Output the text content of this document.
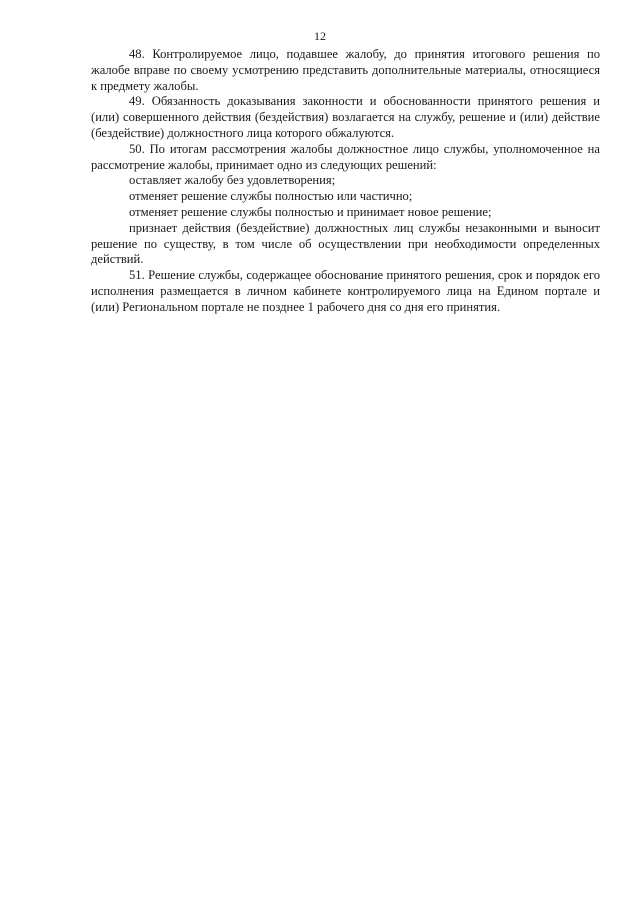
12

48. Контролируемое лицо, подавшее жалобу, до принятия итогового решения по жалобе вправе по своему усмотрению представить дополнительные материалы, относящиеся к предмету жалобы.

49. Обязанность доказывания законности и обоснованности принятого решения и (или) совершенного действия (бездействия) возлагается на службу, решение и (или) действие (бездействие) должностного лица которого обжалуются.

50. По итогам рассмотрения жалобы должностное лицо службы, уполномоченное на рассмотрение жалобы, принимает одно из следующих решений:

оставляет жалобу без удовлетворения;

отменяет решение службы полностью или частично;

отменяет решение службы полностью и принимает новое решение;

признает действия (бездействие) должностных лиц службы незаконными и выносит решение по существу, в том числе об осуществлении при необходимости определенных действий.

51. Решение службы, содержащее обоснование принятого решения, срок и порядок его исполнения размещается в личном кабинете контролируемого лица на Едином портале и (или) Региональном портале не позднее 1 рабочего дня со дня его принятия.
